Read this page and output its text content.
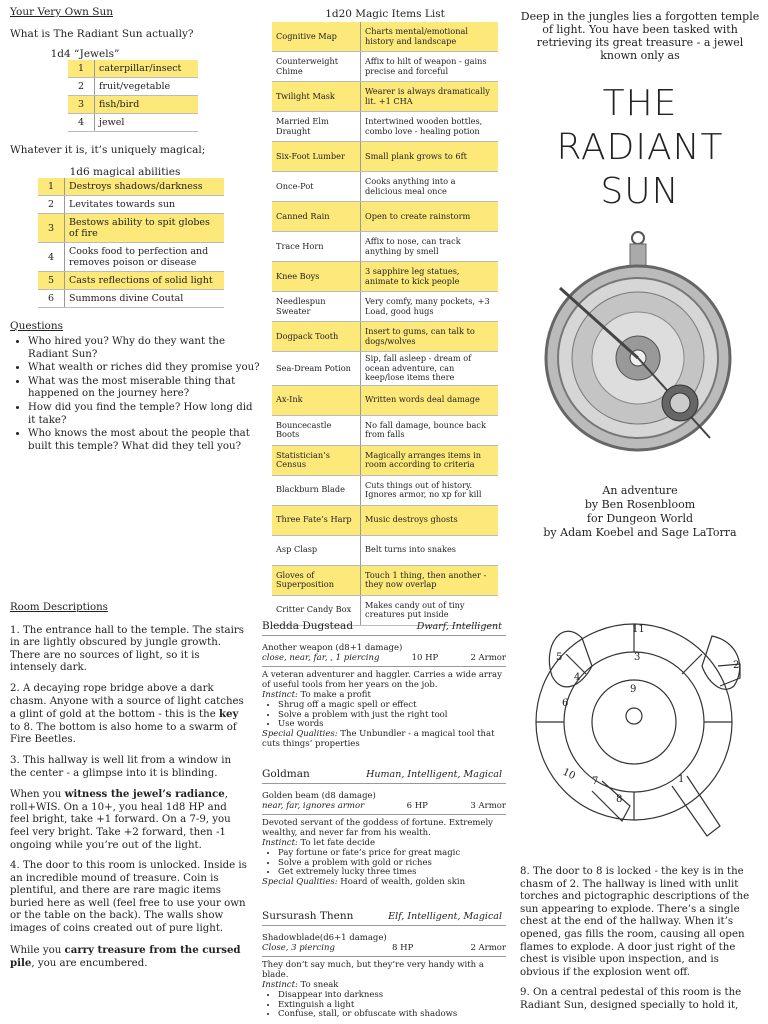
Your Very Own Sun

What is The Radiant Sun actually?

1d4 “Jewels”
1	caterpillar/insect
2	fruit/vegetable
3	fish/bird
4	jewel

Whatever it is, it’s uniquely magical;

1d6 magical abilities
1	Destroys shadows/darkness
2	Levitates towards sun
3	Bestows ability to spit globes of fire
4	Cooks food to perfection and removes poison or disease
5	Casts reflections of solid light
6	Summons divine Coutal
Questions
• Who hired you? Why do they want the Radiant Sun?
• What wealth or riches did they promise you?
• What was the most miserable thing that happened on the journey here?
• How did you find the temple? How long did it take?
• Who knows the most about the people that built this temple? What did they tell you?
1d20 Magic Items List
Cognitive Map	Charts mental/emotional history and landscape
Counterweight Chime	Affix to hilt of weapon - gains precise and forceful
Twilight Mask	Wearer is always dramatically lit. +1 CHA
Married Elm Draught	Intertwined wooden bottles, combo love - healing potion
Six-Foot Lumber	Small plank grows to 6ft
Once-Pot	Cooks anything into a delicious meal once
Canned Rain	Open to create rainstorm
Trace Horn	Affix to nose, can track anything by smell
Knee Boys	3 sapphire leg statues, animate to kick people
Needlespun Sweater	Very comfy, many pockets, +3 Load, good hugs
Dogpack Tooth	Insert to gums, can talk to dogs/wolves
Sea-Dream Potion	Sip, fall asleep - dream of ocean adventure, can keep/lose items there
Ax-Ink	Written words deal damage
Bouncecastle Boots	No fall damage, bounce back from falls
Statistician’s Census	Magically arranges items in room according to criteria
Blackburn Blade	Cuts things out of history. Ignores armor, no xp for kill
Three Fate’s Harp	Music destroys ghosts
Asp Clasp	Belt turns into snakes
Gloves of Superposition	Touch 1 thing, then another - they now overlap
Critter Candy Box	Makes candy out of tiny creatures put inside
Deep in the jungles lies a forgotten temple of light. You have been tasked with retrieving its great treasure - a jewel known only as
THE
RADIANT
SUN
An adventure
by Ben Rosenbloom
for Dungeon World
by Adam Koebel and Sage LaTorra
Room Descriptions

1. The entrance hall to the temple. The stairs in are lightly obscured by jungle growth. There are no sources of light, so it is intensely dark.

2. A decaying rope bridge above a dark chasm. Anyone with a source of light catches a glint of gold at the bottom - this is the key to 8. The bottom is also home to a swarm of Fire Beetles.

3. This hallway is well lit from a window in the center - a glimpse into it is blinding.

When you witness the jewel’s radiance, roll+WIS. On a 10+, you heal 1d8 HP and feel bright, take +1 forward. On a 7-9, you feel very bright. Take +2 forward, then -1 ongoing while you’re out of the light.

4. The door to this room is unlocked. Inside is an incredible mound of treasure. Coin is plentiful, and there are rare magic items buried here as well (feel free to use your own or the table on the back). The walls show images of coins created out of pure light.

While you carry treasure from the cursed pile, you are encumbered.

Bledda Dugstead	Dwarf, Intelligent
Another weapon (d8+1 damage)
close, near, far, , 1 piercing	10 HP	2 Armor
A veteran adventurer and haggler. Carries a wide array of useful tools from her years on the job.
Instinct: To make a profit
• Shrug off a magic spell or effect
• Solve a problem with just the right tool
• Use words
Special Qualities: The Unbundler - a magical tool that cuts things’ properties
Goldman	Human, Intelligent, Magical
Golden beam (d8 damage)
near, far, ignores armor	6 HP	3 Armor
Devoted servant of the goddess of fortune. Extremely wealthy, and never far from his wealth.
Instinct: To let fate decide
• Pay fortune or fate’s price for great magic
• Solve a problem with gold or riches
• Get extremely lucky three times
Special Qualities: Hoard of wealth, golden skin
Sursurash Thenn	Elf, Intelligent, Magical
Shadowblade(d6+1 damage)
Close, 3 piercing	8 HP	2 Armor
They don’t say much, but they’re very handy with a blade.
Instinct: To sneak
• Disappear into darkness
• Extinguish a light
• Confuse, stall, or obfuscate with shadows
11
2
3
4
5
6
9
10 7
8
1

8. The door to 8 is locked - the key is in the chasm of 2. The hallway is lined with unlit torches and pictographic descriptions of the sun appearing to explode. There’s a single chest at the end of the hallway. When it’s opened, gas fills the room, causing all open flames to explode. A door just right of the chest is visible upon inspection, and is obvious if the explosion went off.

9. On a central pedestal of this room is the Radiant Sun, designed specially to hold it,
